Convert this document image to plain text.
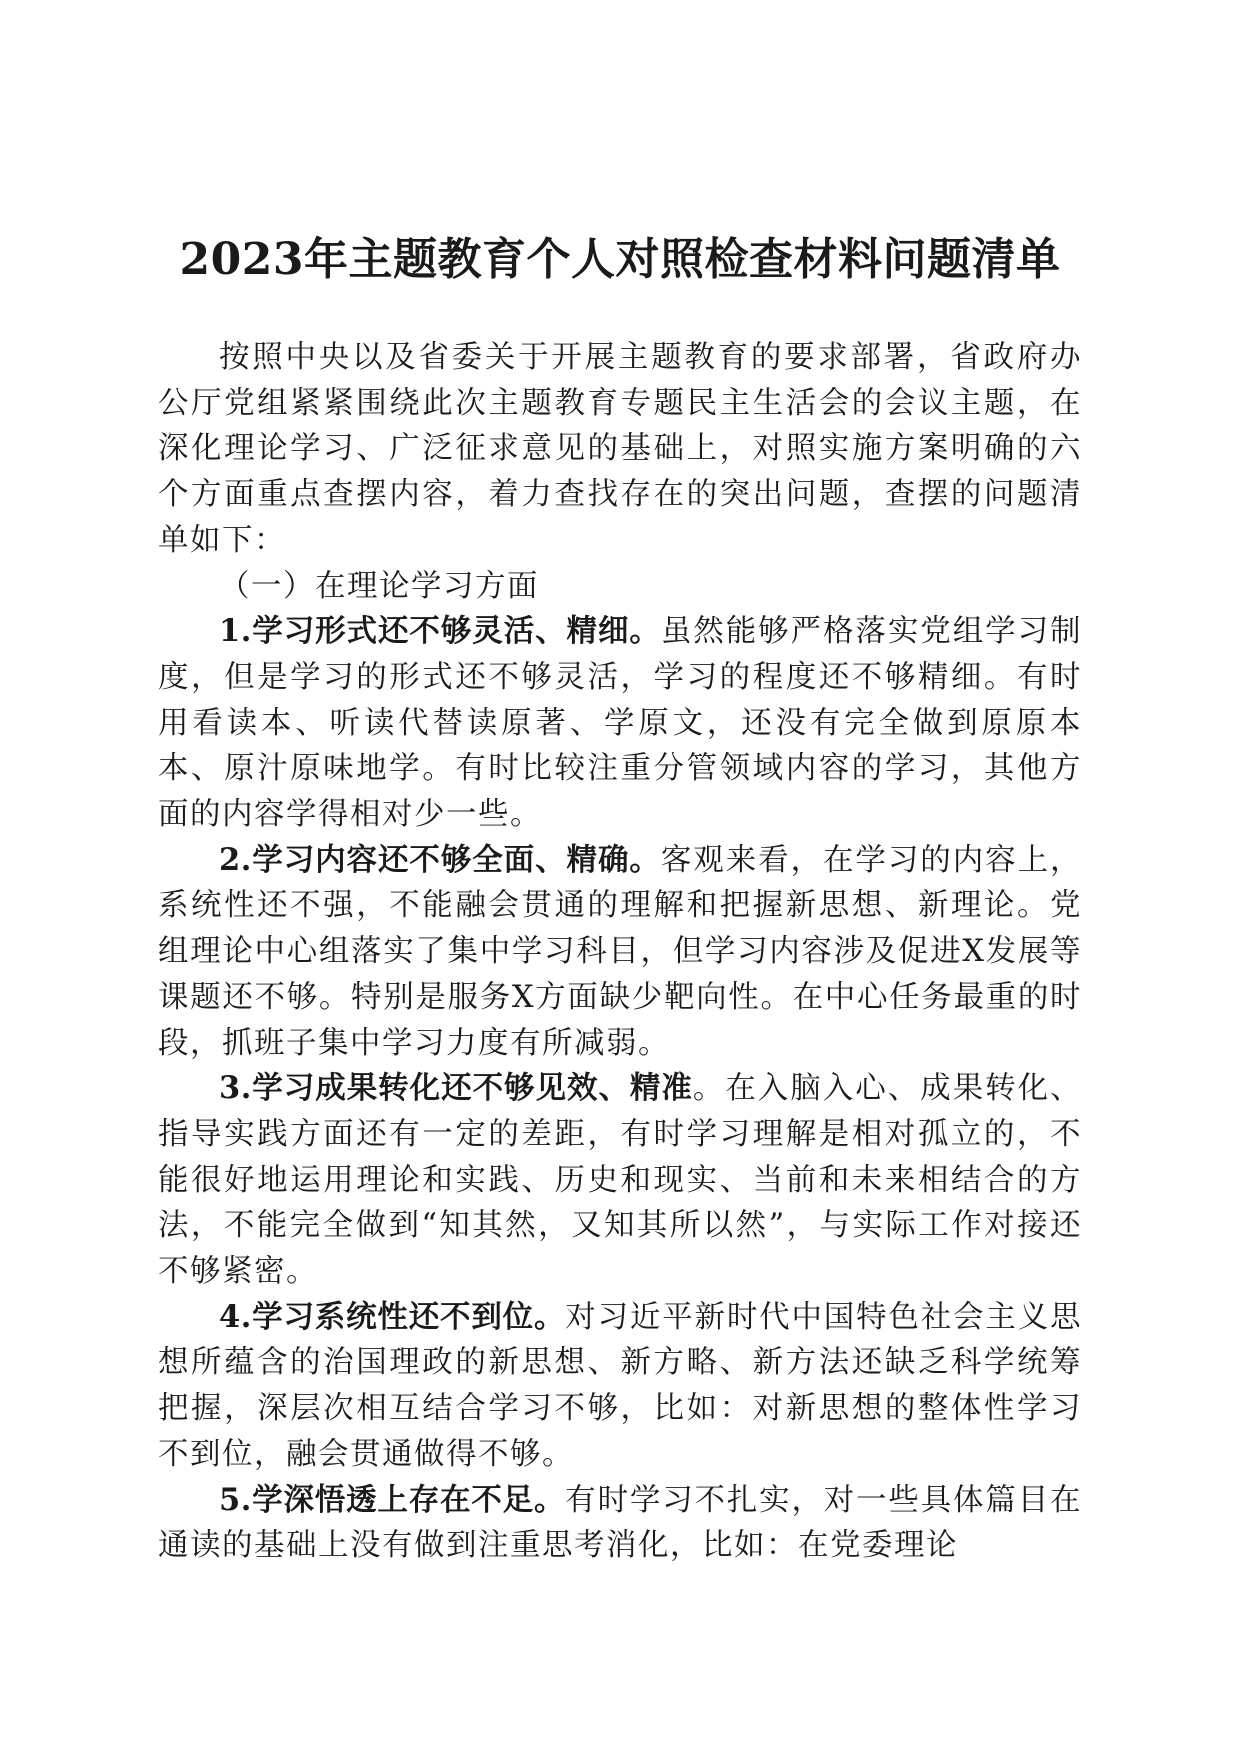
2023年主题教育个人对照检查材料问题清单

按照中央以及省委关于开展主题教育的要求部署，省政府办公厅党组紧紧围绕此次主题教育专题民主生活会的会议主题，在深化理论学习、广泛征求意见的基础上，对照实施方案明确的六个方面重点查摆内容，着力查找存在的突出问题，查摆的问题清单如下：

（一）在理论学习方面

1.学习形式还不够灵活、精细。虽然能够严格落实党组学习制度，但是学习的形式还不够灵活，学习的程度还不够精细。有时用看读本、听读代替读原著、学原文，还没有完全做到原原本本、原汁原味地学。有时比较注重分管领域内容的学习，其他方面的内容学得相对少一些。

2.学习内容还不够全面、精确。客观来看，在学习的内容上，系统性还不强，不能融会贯通的理解和把握新思想、新理论。党组理论中心组落实了集中学习科目，但学习内容涉及促进X发展等课题还不够。特别是服务X方面缺少靶向性。在中心任务最重的时段，抓班子集中学习力度有所减弱。

3.学习成果转化还不够见效、精准。在入脑入心、成果转化、指导实践方面还有一定的差距，有时学习理解是相对孤立的，不能很好地运用理论和实践、历史和现实、当前和未来相结合的方法，不能完全做到“知其然，又知其所以然”，与实际工作对接还不够紧密。

4.学习系统性还不到位。对习近平新时代中国特色社会主义思想所蕴含的治国理政的新思想、新方略、新方法还缺乏科学统筹把握，深层次相互结合学习不够，比如：对新思想的整体性学习不到位，融会贯通做得不够。

5.学深悟透上存在不足。有时学习不扎实，对一些具体篇目在通读的基础上没有做到注重思考消化，比如：在党委理论
